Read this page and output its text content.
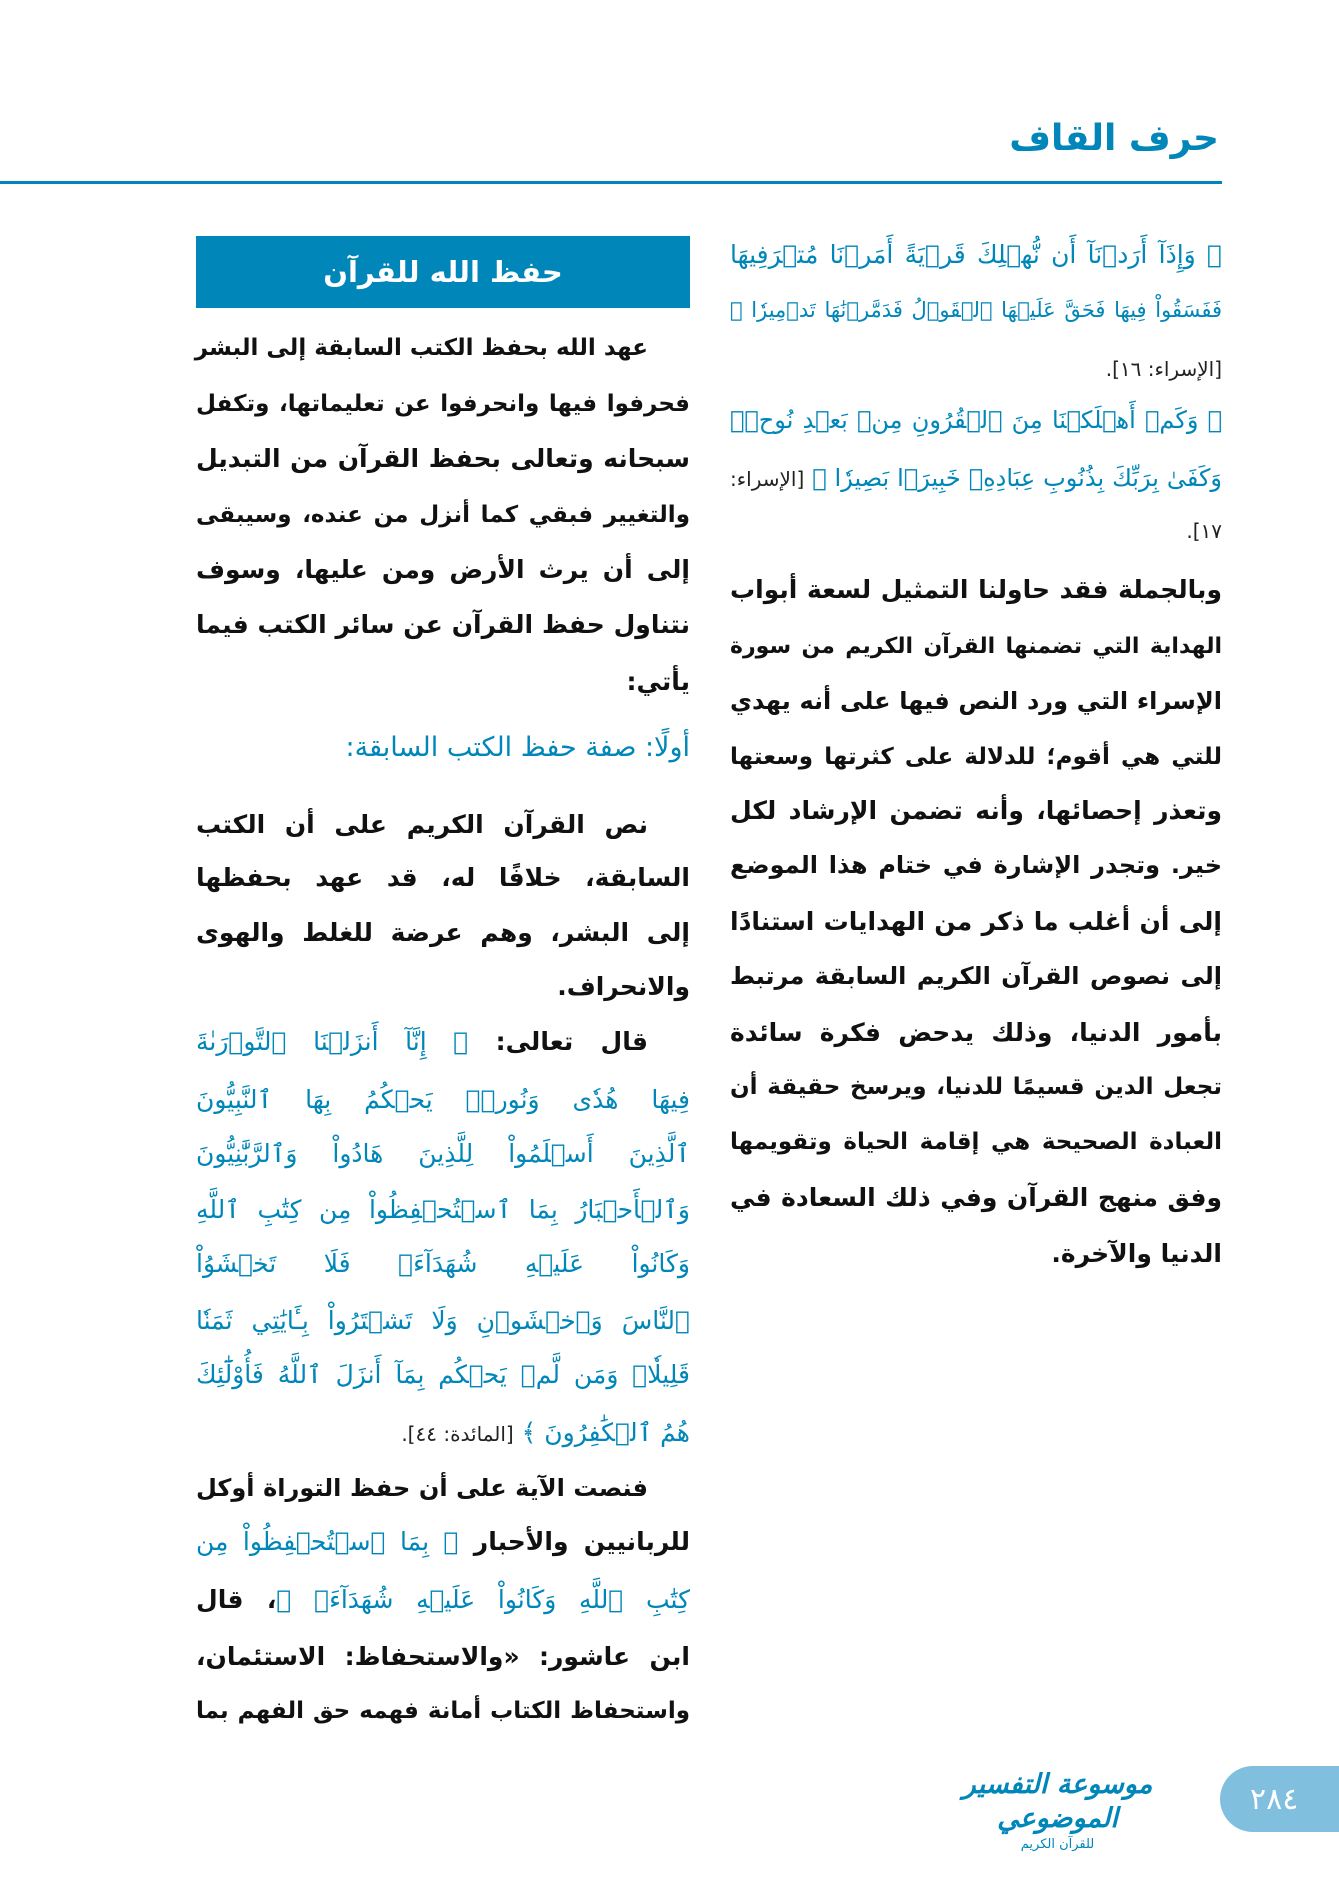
حرف القاف
حفظ الله للقرآن
﴿ وَإِذَآ أَرَدۡنَآ أَن نُّهۡلِكَ قَرۡيَةً أَمَرۡنَا مُتۡرَفِيهَا
فَفَسَقُواْ فِيهَا فَحَقَّ عَلَيۡهَا ٱلۡقَوۡلُ فَدَمَّرۡنَٰهَا تَدۡمِيرٗا ﴾
[الإسراء: ١٦].
﴿ وَكَمۡ أَهۡلَكۡنَا مِنَ ٱلۡقُرُونِ مِنۢ بَعۡدِ نُوحٖۗ
وَكَفَىٰ بِرَبِّكَ بِذُنُوبِ عِبَادِهِۦ خَبِيرَۢا بَصِيرٗا ﴾ [الإسراء:
١٧].
وبالجملة فقد حاولنا التمثيل لسعة أبواب
الهداية التي تضمنها القرآن الكريم من سورة
الإسراء التي ورد النص فيها على أنه يهدي
للتي هي أقوم؛ للدلالة على كثرتها وسعتها
وتعذر إحصائها، وأنه تضمن الإرشاد لكل
خير. وتجدر الإشارة في ختام هذا الموضع
إلى أن أغلب ما ذكر من الهدايات استنادًا
إلى نصوص القرآن الكريم السابقة مرتبط
بأمور الدنيا، وذلك يدحض فكرة سائدة
تجعل الدين قسيمًا للدنيا، ويرسخ حقيقة أن
العبادة الصحيحة هي إقامة الحياة وتقويمها
وفق منهج القرآن وفي ذلك السعادة في
الدنيا والآخرة.
عهد الله بحفظ الكتب السابقة إلى البشر
فحرفوا فيها وانحرفوا عن تعليماتها، وتكفل
سبحانه وتعالى بحفظ القرآن من التبديل
والتغيير فبقي كما أنزل من عنده، وسيبقى
إلى أن يرث الأرض ومن عليها، وسوف
نتناول حفظ القرآن عن سائر الكتب فيما
يأتي:
أولًا: صفة حفظ الكتب السابقة:
نص القرآن الكريم على أن الكتب
السابقة، خلافًا له، قد عهد بحفظها
إلى البشر، وهم عرضة للغلط والهوى
والانحراف.
قال تعالى: ﴿ إِنَّآ أَنزَلۡنَا ٱلتَّوۡرَىٰةَ
فِيهَا هُدٗى وَنُورٞۚ يَحۡكُمُ بِهَا ٱلنَّبِيُّونَ
ٱلَّذِينَ أَسۡلَمُواْ لِلَّذِينَ هَادُواْ وَٱلرَّبَّٰنِيُّونَ
وَٱلۡأَحۡبَارُ بِمَا ٱسۡتُحۡفِظُواْ مِن كِتَٰبِ ٱللَّهِ
وَكَانُواْ عَلَيۡهِ شُهَدَآءَۚ فَلَا تَخۡشَوُاْ
ٱلنَّاسَ وَٱخۡشَوۡنِ وَلَا تَشۡتَرُواْ بِـَٔايَٰتِي ثَمَنٗا
قَلِيلٗاۚ وَمَن لَّمۡ يَحۡكُم بِمَآ أَنزَلَ ٱللَّهُ فَأُوْلَٰٓئِكَ
هُمُ ٱلۡكَٰفِرُونَ ﴾ [المائدة: ٤٤].
فنصت الآية على أن حفظ التوراة أوكل
للربانيين والأحبار ﴿ بِمَا ٱسۡتُحۡفِظُواْ مِن
كِتَٰبِ ٱللَّهِ وَكَانُواْ عَلَيۡهِ شُهَدَآءَۚ ﴾، قال
ابن عاشور: «والاستحفاظ: الاستئمان،
واستحفاظ الكتاب أمانة فهمه حق الفهم بما
موسوعة التفسير الموضوعي
للقرآن الكريم
٢٨٤
